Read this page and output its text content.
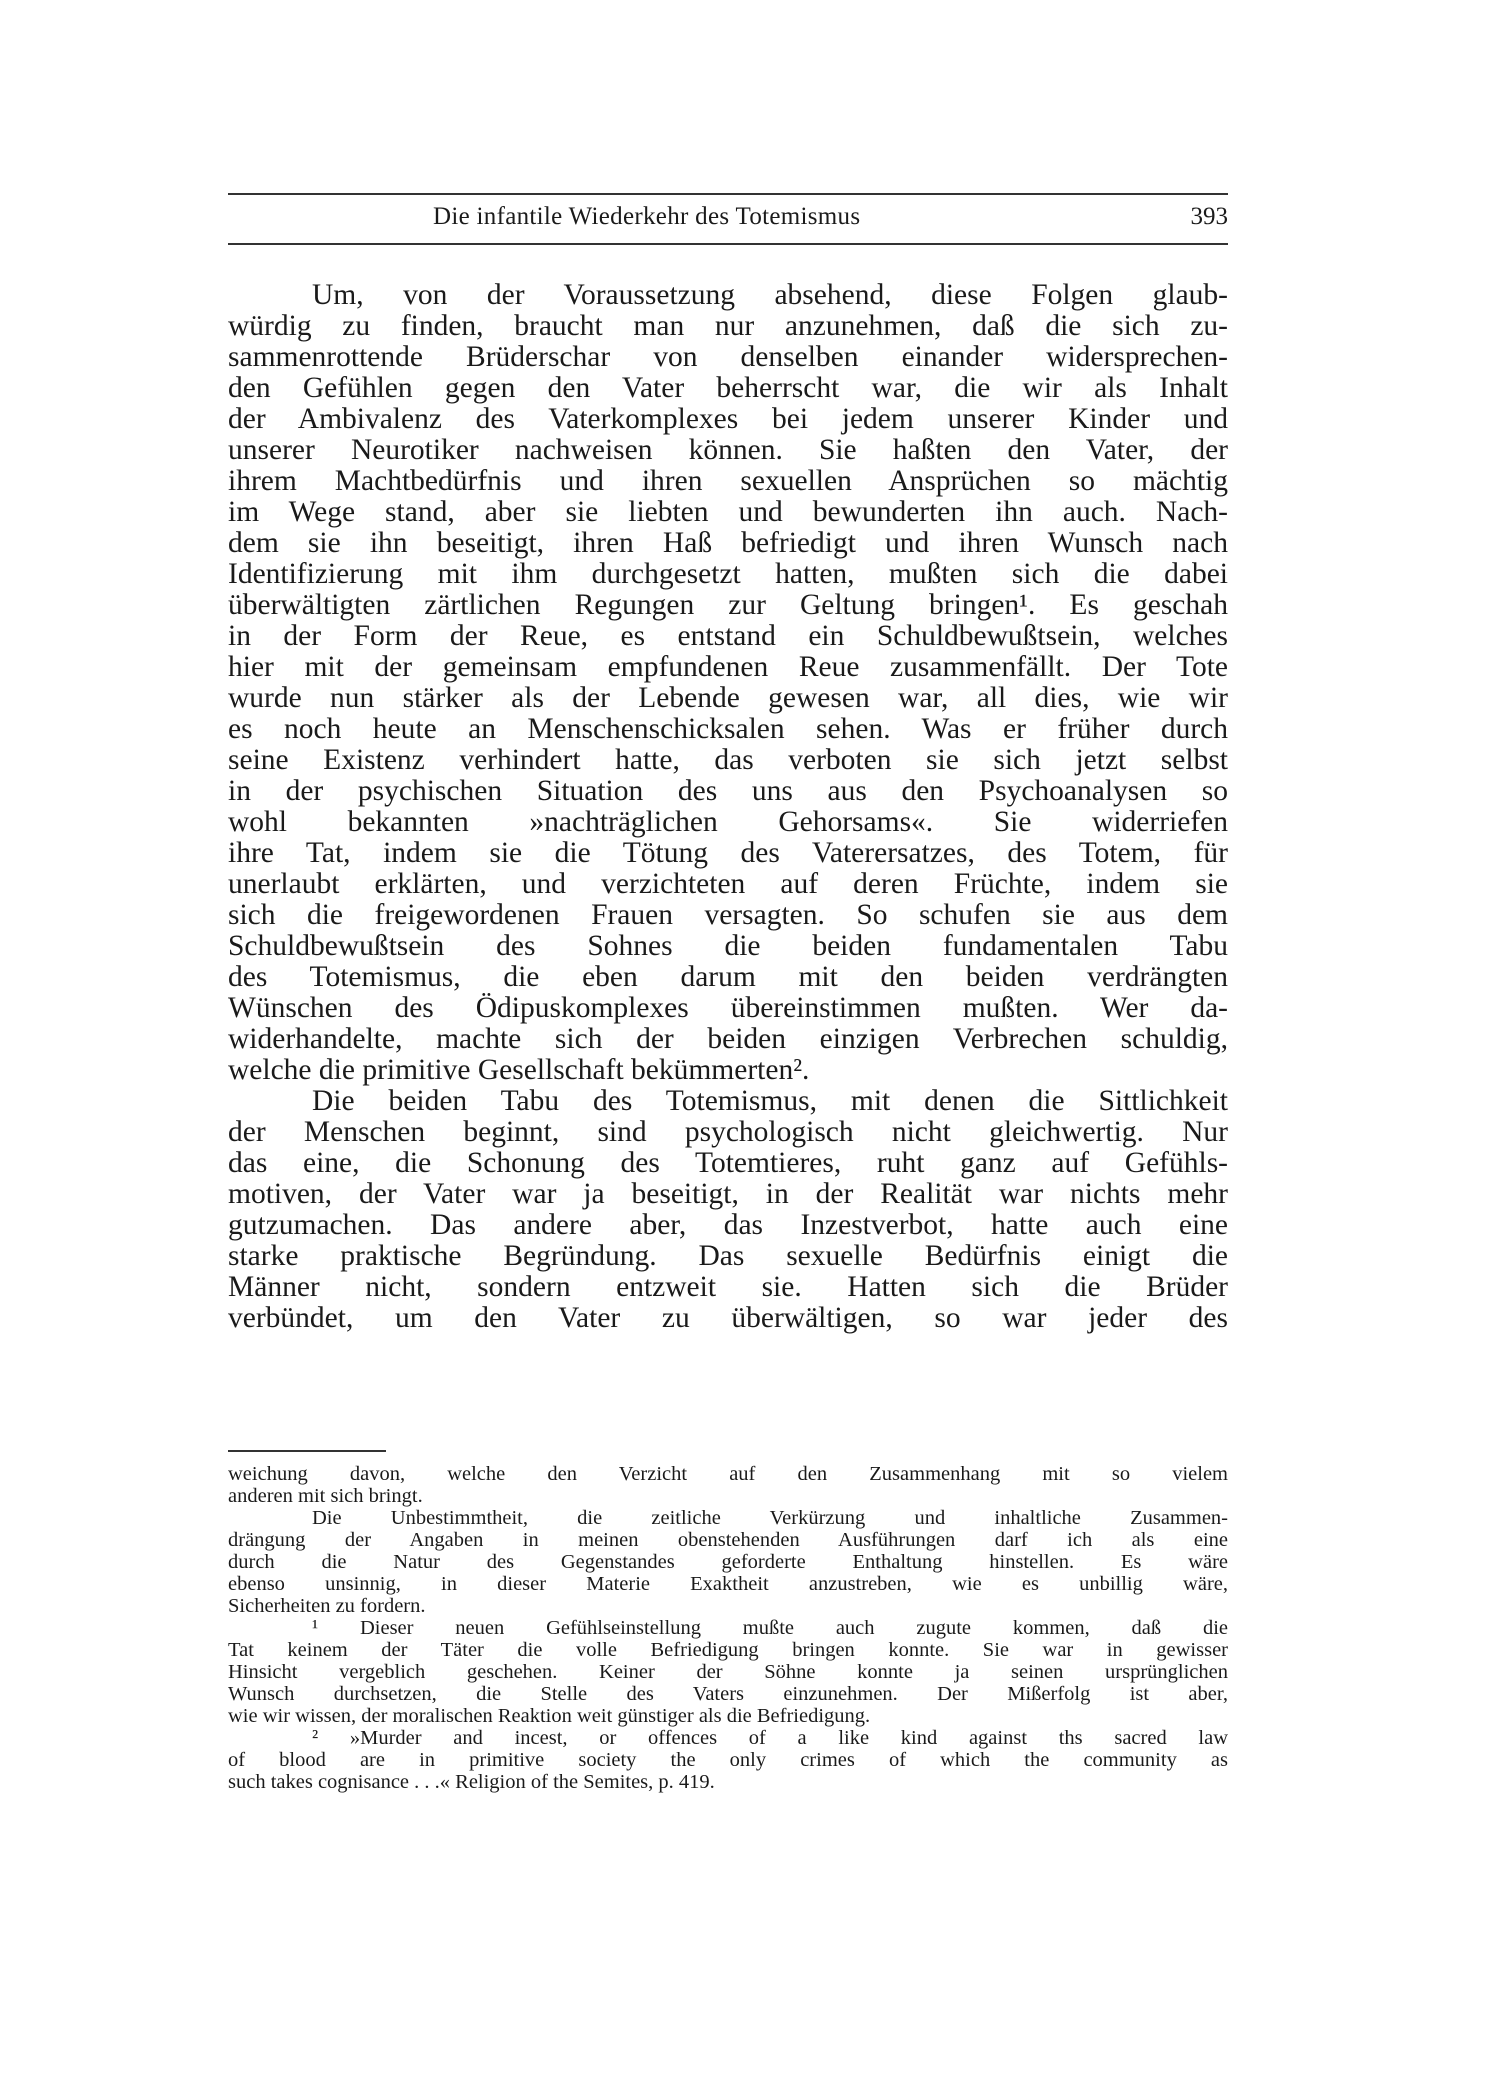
Die infantile Wiederkehr des Totemismus	393
Um, von der Voraussetzung absehend, diese Folgen glaub-
würdig zu finden, braucht man nur anzunehmen, daß die sich zu-
sammenrottende Brüderschar von denselben einander widersprechen-
den Gefühlen gegen den Vater beherrscht war, die wir als Inhalt
der Ambivalenz des Vaterkomplexes bei jedem unserer Kinder und
unserer Neurotiker nachweisen können. Sie haßten den Vater, der
ihrem Machtbedürfnis und ihren sexuellen Ansprüchen so mächtig
im Wege stand, aber sie liebten und bewunderten ihn auch. Nach-
dem sie ihn beseitigt, ihren Haß befriedigt und ihren Wunsch nach
Identifizierung mit ihm durchgesetzt hatten, mußten sich die dabei
überwältigten zärtlichen Regungen zur Geltung bringen¹. Es geschah
in der Form der Reue, es entstand ein Schuldbewußtsein, welches
hier mit der gemeinsam empfundenen Reue zusammenfällt. Der Tote
wurde nun stärker als der Lebende gewesen war, all dies, wie wir
es noch heute an Menschenschicksalen sehen. Was er früher durch
seine Existenz verhindert hatte, das verboten sie sich jetzt selbst
in der psychischen Situation des uns aus den Psychoanalysen so
wohl bekannten »nachträglichen Gehorsams«. Sie widerriefen
ihre Tat, indem sie die Tötung des Vaterersatzes, des Totem, für
unerlaubt erklärten, und verzichteten auf deren Früchte, indem sie
sich die freigewordenen Frauen versagten. So schufen sie aus dem
Schuldbewußtsein des Sohnes die beiden fundamentalen Tabu
des Totemismus, die eben darum mit den beiden verdrängten
Wünschen des Ödipuskomplexes übereinstimmen mußten. Wer da-
widerhandelte, machte sich der beiden einzigen Verbrechen schuldig,
welche die primitive Gesellschaft bekümmerten².
Die beiden Tabu des Totemismus, mit denen die Sittlichkeit
der Menschen beginnt, sind psychologisch nicht gleichwertig. Nur
das eine, die Schonung des Totemtieres, ruht ganz auf Gefühls-
motiven, der Vater war ja beseitigt, in der Realität war nichts mehr
gutzumachen. Das andere aber, das Inzestverbot, hatte auch eine
starke praktische Begründung. Das sexuelle Bedürfnis einigt die
Männer nicht, sondern entzweit sie. Hatten sich die Brüder
verbündet, um den Vater zu überwältigen, so war jeder des
weichung davon, welche den Verzicht auf den Zusammenhang mit so vielem
anderen mit sich bringt.
Die Unbestimmtheit, die zeitliche Verkürzung und inhaltliche Zusammen-
drängung der Angaben in meinen obenstehenden Ausführungen darf ich als eine
durch die Natur des Gegenstandes geforderte Enthaltung hinstellen. Es wäre
ebenso unsinnig, in dieser Materie Exaktheit anzustreben, wie es unbillig wäre,
Sicherheiten zu fordern.
¹ Dieser neuen Gefühlseinstellung mußte auch zugute kommen, daß die
Tat keinem der Täter die volle Befriedigung bringen konnte. Sie war in gewisser
Hinsicht vergeblich geschehen. Keiner der Söhne konnte ja seinen ursprünglichen
Wunsch durchsetzen, die Stelle des Vaters einzunehmen. Der Mißerfolg ist aber,
wie wir wissen, der moralischen Reaktion weit günstiger als die Befriedigung.
² »Murder and incest, or offences of a like kind against ths sacred law
of blood are in primitive society the only crimes of which the community as
such takes cognisance . . .« Religion of the Semites, p. 419.
